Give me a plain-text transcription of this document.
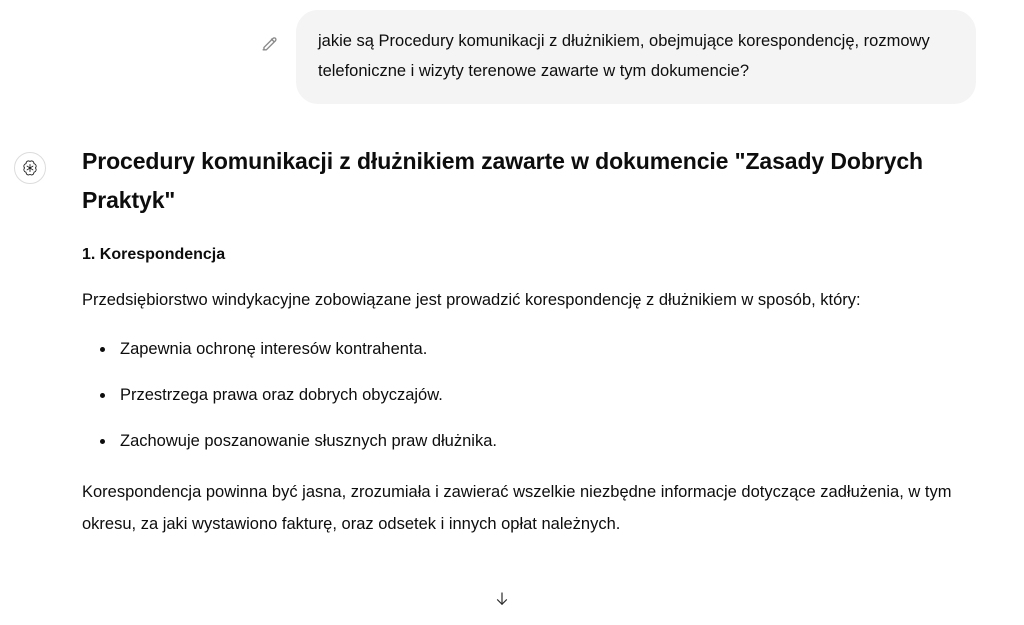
jakie są Procedury komunikacji z dłużnikiem, obejmujące korespondencję, rozmowy telefoniczne i wizyty terenowe zawarte w tym dokumencie?
Procedury komunikacji z dłużnikiem zawarte w dokumencie "Zasady Dobrych Praktyk"
1. Korespondencja

Przedsiębiorstwo windykacyjne zobowiązane jest prowadzić korespondencję z dłużnikiem w sposób, który:

Zapewnia ochronę interesów kontrahenta.
Przestrzega prawa oraz dobrych obyczajów.
Zachowuje poszanowanie słusznych praw dłużnika.

Korespondencja powinna być jasna, zrozumiała i zawierać wszelkie niezbędne informacje dotyczące zadłużenia, w tym okresu, za jaki wystawiono fakturę, oraz odsetek i innych opłat należnych.
